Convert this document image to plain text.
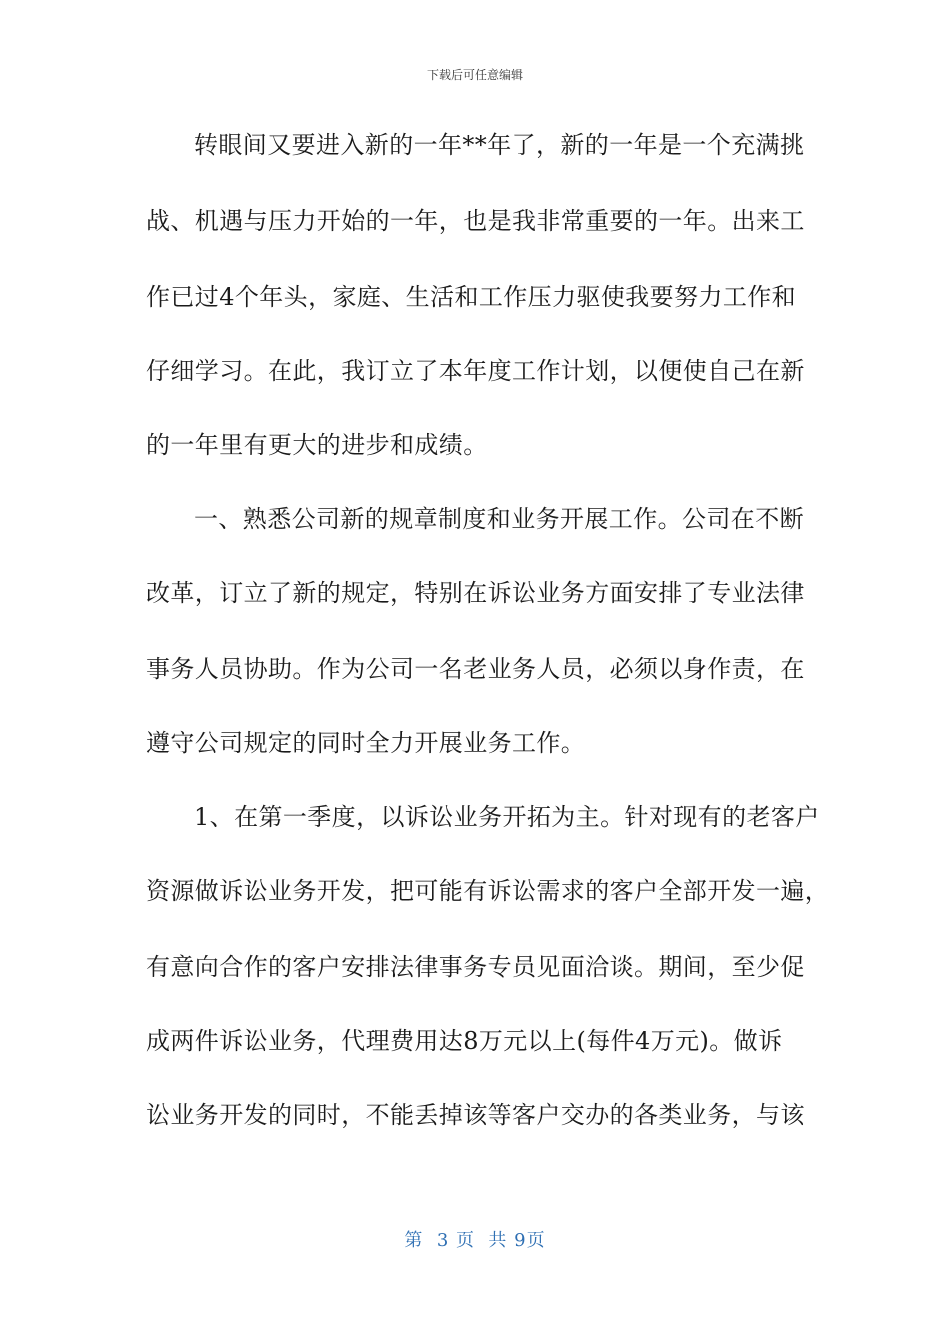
下载后可任意编辑
转眼间又要进入新的一年**年了，新的一年是一个充满挑
战、机遇与压力开始的一年，也是我非常重要的一年。出来工
作已过4个年头，家庭、生活和工作压力驱使我要努力工作和
仔细学习。在此，我订立了本年度工作计划，以便使自己在新
的一年里有更大的进步和成绩。
一、熟悉公司新的规章制度和业务开展工作。公司在不断
改革，订立了新的规定，特别在诉讼业务方面安排了专业法律
事务人员协助。作为公司一名老业务人员，必须以身作责，在
遵守公司规定的同时全力开展业务工作。
1、在第一季度，以诉讼业务开拓为主。针对现有的老客户
资源做诉讼业务开发，把可能有诉讼需求的客户全部开发一遍，
有意向合作的客户安排法律事务专员见面洽谈。期间，至少促
成两件诉讼业务，代理费用达8万元以上(每件4万元)。做诉
讼业务开发的同时，不能丢掉该等客户交办的各类业务，与该
第  3 页  共 9页
